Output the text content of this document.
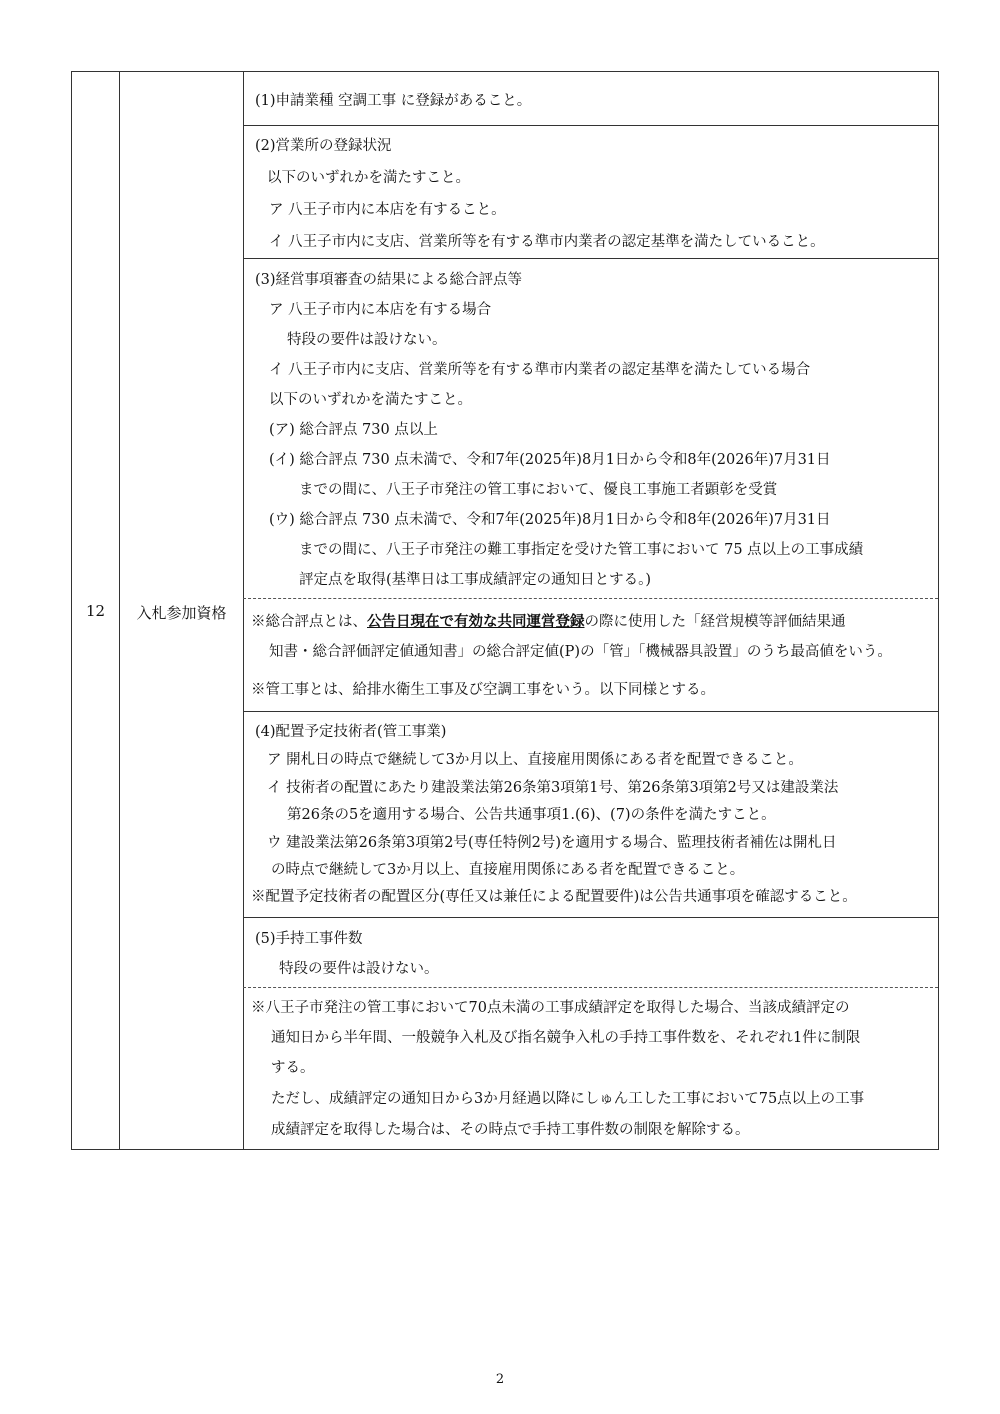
12	入札参加資格
(1)申請業種 空調工事 に登録があること。
(2)営業所の登録状況
以下のいずれかを満たすこと。
ア 八王子市内に本店を有すること。
イ 八王子市内に支店、営業所等を有する準市内業者の認定基準を満たしていること。
(3)経営事項審査の結果による総合評点等
ア 八王子市内に本店を有する場合
特段の要件は設けない。
イ 八王子市内に支店、営業所等を有する準市内業者の認定基準を満たしている場合
以下のいずれかを満たすこと。
(ア) 総合評点 730 点以上
(イ) 総合評点 730 点未満で、令和7年(2025年)8月1日から令和8年(2026年)7月31日
までの間に、八王子市発注の管工事において、優良工事施工者顕彰を受賞
(ウ) 総合評点 730 点未満で、令和7年(2025年)8月1日から令和8年(2026年)7月31日
までの間に、八王子市発注の難工事指定を受けた管工事において 75 点以上の工事成績
評定点を取得(基準日は工事成績評定の通知日とする。)
※総合評点とは、公告日現在で有効な共同運営登録の際に使用した「経営規模等評価結果通
知書・総合評価評定値通知書」の総合評定値(P)の「管」「機械器具設置」のうち最高値をいう。
※管工事とは、給排水衛生工事及び空調工事をいう。以下同様とする。
(4)配置予定技術者(管工事業)
ア 開札日の時点で継続して3か月以上、直接雇用関係にある者を配置できること。
イ 技術者の配置にあたり建設業法第26条第3項第1号、第26条第3項第2号又は建設業法
第26条の5を適用する場合、公告共通事項1.(6)、(7)の条件を満たすこと。
ウ 建設業法第26条第3項第2号(専任特例2号)を適用する場合、監理技術者補佐は開札日
の時点で継続して3か月以上、直接雇用関係にある者を配置できること。
※配置予定技術者の配置区分(専任又は兼任による配置要件)は公告共通事項を確認すること。
(5)手持工事件数
特段の要件は設けない。
※八王子市発注の管工事において70点未満の工事成績評定を取得した場合、当該成績評定の
通知日から半年間、一般競争入札及び指名競争入札の手持工事件数を、それぞれ1件に制限
する。
ただし、成績評定の通知日から3か月経過以降にしゅん工した工事において75点以上の工事
成績評定を取得した場合は、その時点で手持工事件数の制限を解除する。
2
